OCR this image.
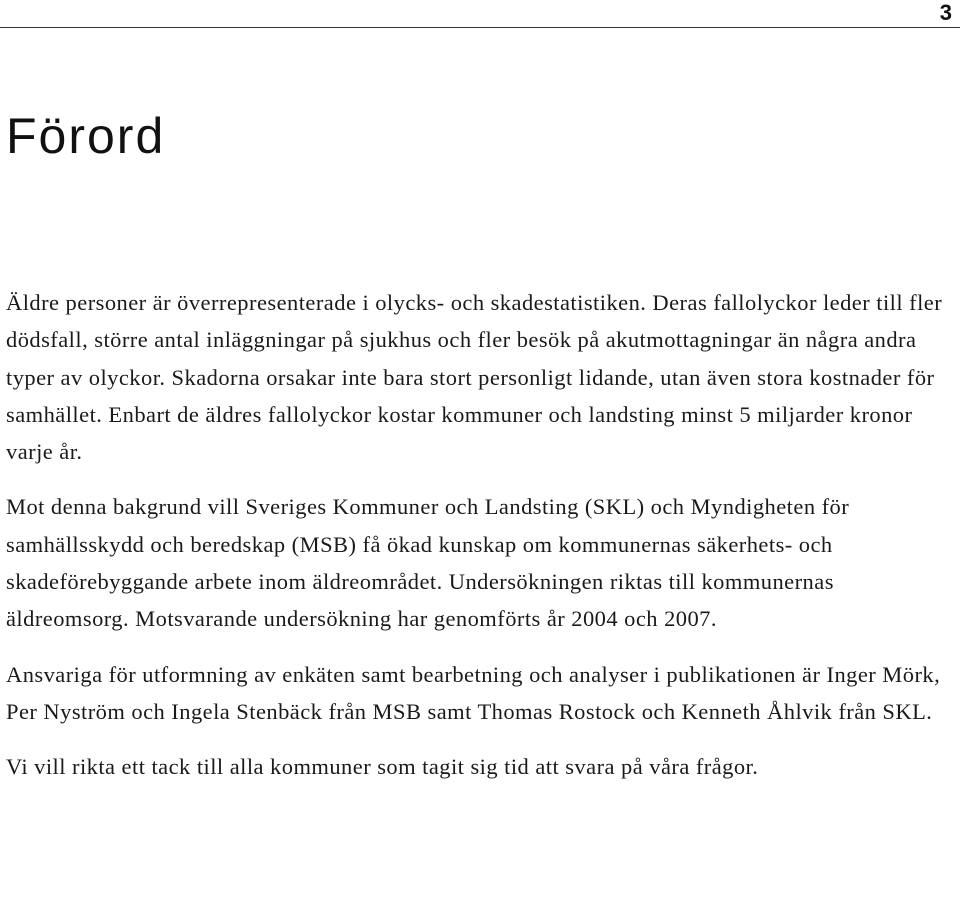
3
Förord

Äldre personer är överrepresenterade i olycks- och skadestatistiken. Deras fallolyckor leder till fler dödsfall, större antal inläggningar på sjukhus och fler besök på akutmottagningar än några andra typer av olyckor. Skadorna orsakar inte bara stort personligt lidande, utan även stora kostnader för samhället. Enbart de äldres fallolyckor kostar kommuner och landsting minst 5 miljarder kronor varje år.

Mot denna bakgrund vill Sveriges Kommuner och Landsting (SKL) och Myndigheten för samhällsskydd och beredskap (MSB) få ökad kunskap om kommunernas säkerhets- och skadeförebyggande arbete inom äldreområdet. Undersökningen riktas till kommunernas äldreomsorg. Motsvarande undersökning har genomförts år 2004 och 2007.

Ansvariga för utformning av enkäten samt bearbetning och analyser i publikationen är Inger Mörk, Per Nyström och Ingela Stenbäck från MSB samt Thomas Rostock och Kenneth Åhlvik från SKL.

Vi vill rikta ett tack till alla kommuner som tagit sig tid att svara på våra frågor.
